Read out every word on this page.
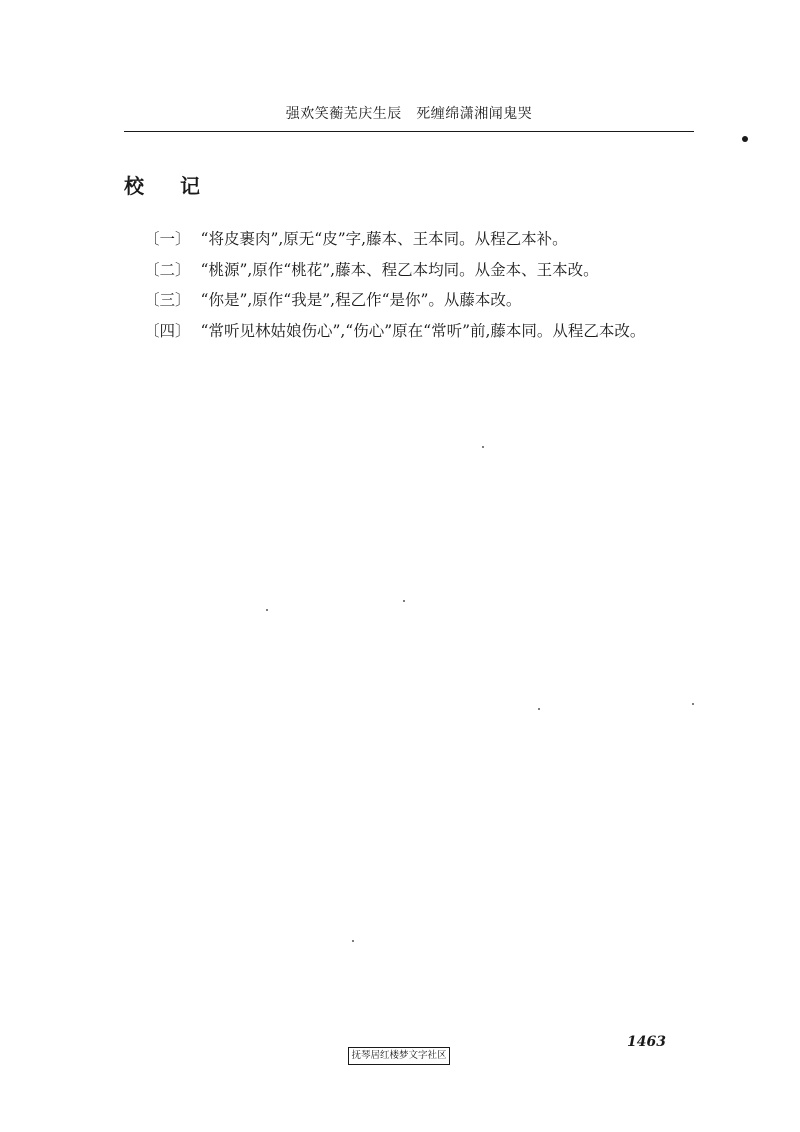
强欢笑蘅芜庆生辰　死缠绵潇湘闻鬼哭
校记

〔一〕 “将皮裹肉”,原无“皮”字,藤本、王本同。从程乙本补。

〔二〕 “桃源”,原作“桃花”,藤本、程乙本均同。从金本、王本改。

〔三〕 “你是”,原作“我是”,程乙作“是你”。从藤本改。

〔四〕 “常听见林姑娘伤心”,“伤心”原在“常听”前,藤本同。从程乙本改。

1463
抚琴居红楼梦文字社区
